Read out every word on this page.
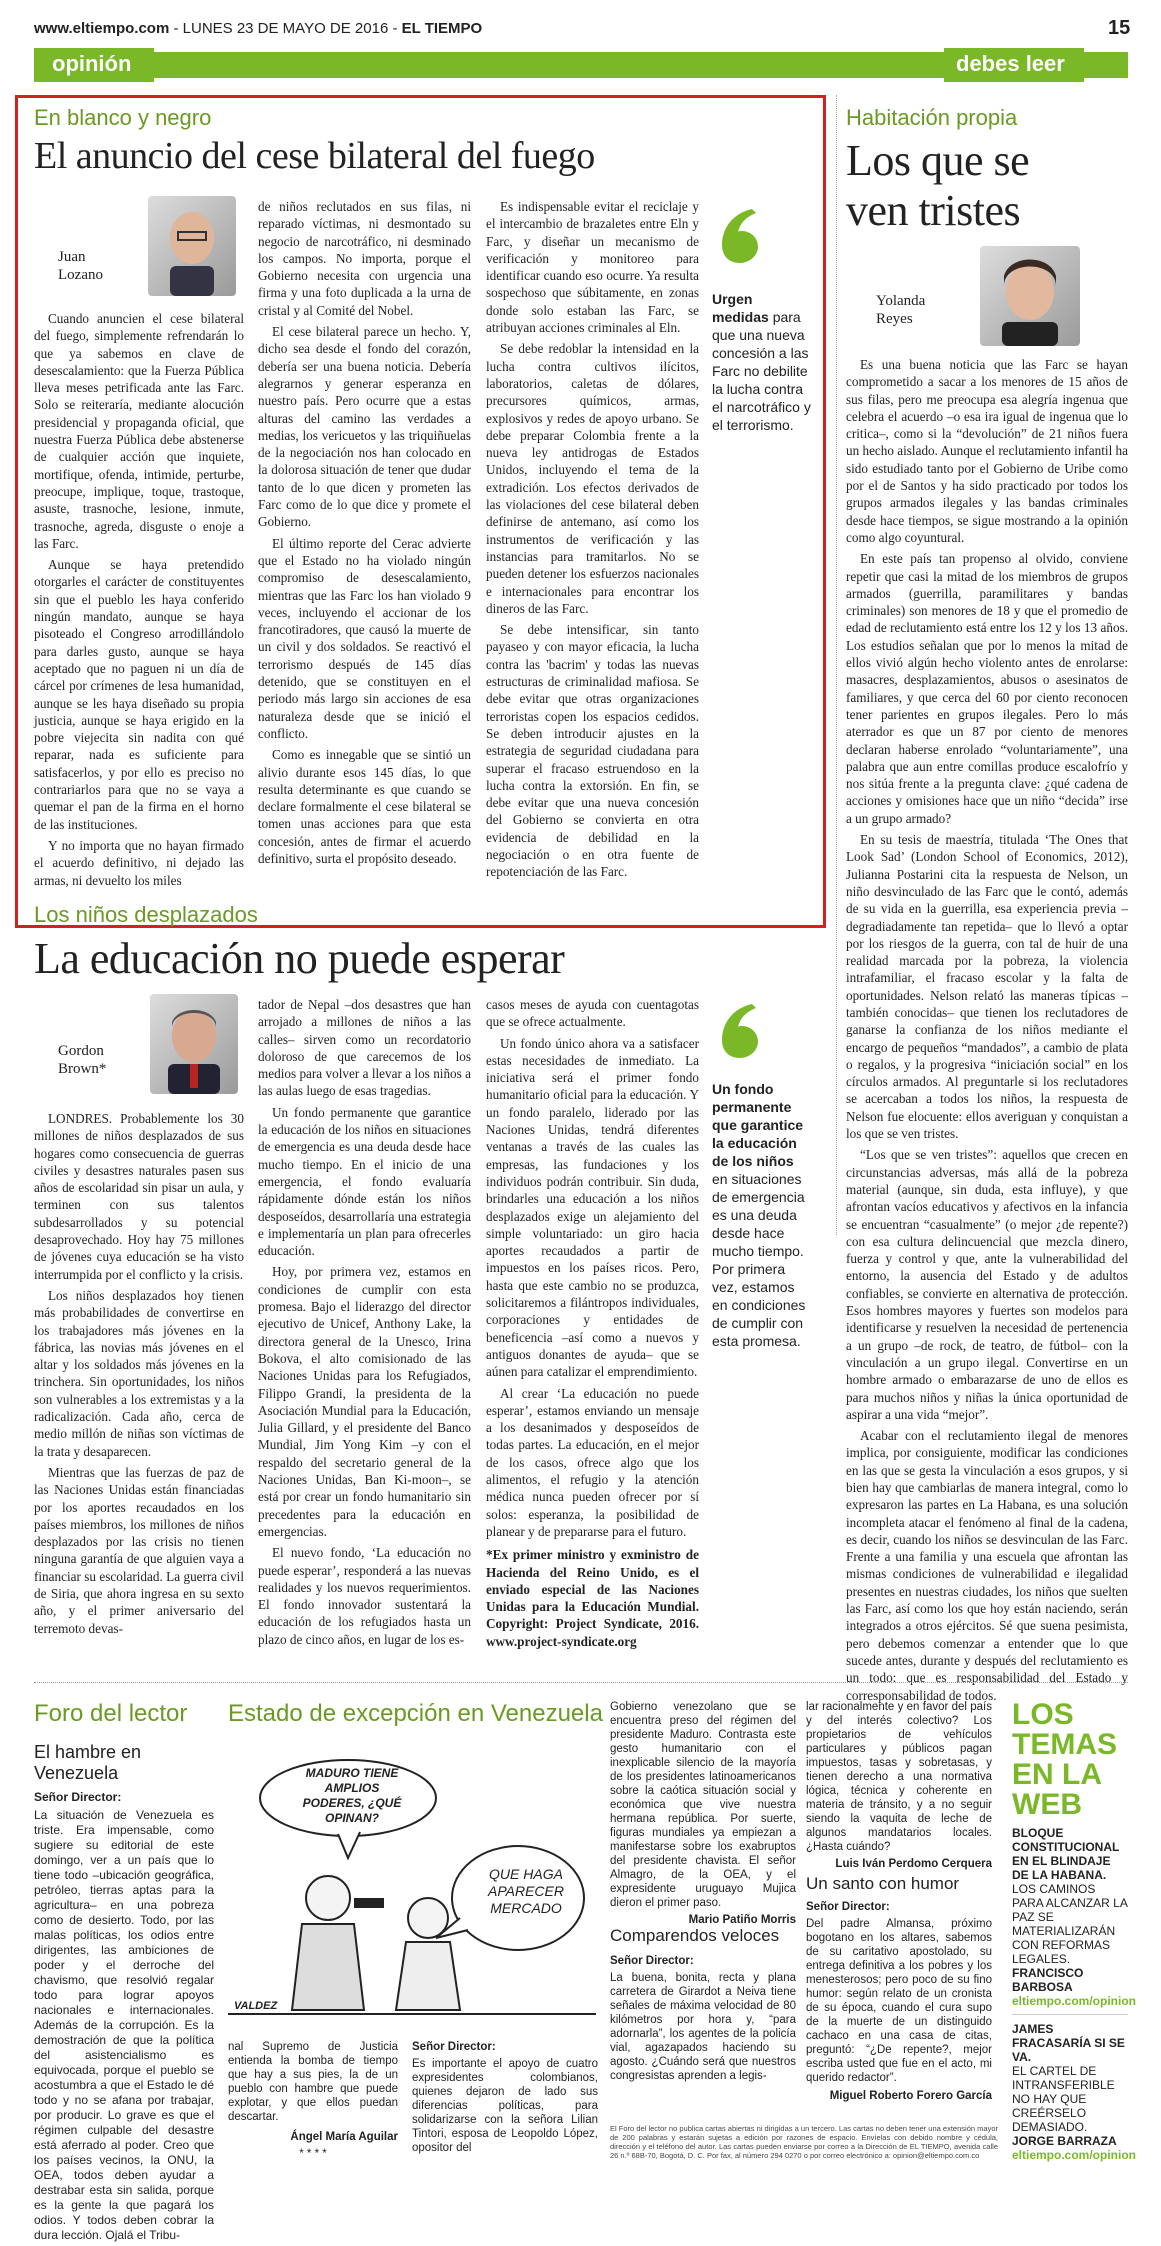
www.eltiempo.com - LUNES 23 DE MAYO DE 2016 - EL TIEMPO	15
opinión	debes leer
En blanco y negro
El anuncio del cese bilateral del fuego
Juan
Lozano

Cuando anuncien el cese bilateral del fuego, simplemente refrendarán lo que ya sabemos en clave de desescalamiento: que la Fuerza Pública lleva meses petrificada ante las Farc. Solo se reiteraría, mediante alocución presidencial y propaganda oficial, que nuestra Fuerza Pública debe abstenerse de cualquier acción que inquiete, mortifique, ofenda, intimide, perturbe, preocupe, implique, toque, trastoque, asuste, trasnoche, lesione, inmute, trasnoche, agreda, disguste o enoje a las Farc.

Aunque se haya pretendido otorgarles el carácter de constituyentes sin que el pueblo les haya conferido ningún mandato, aunque se haya pisoteado el Congreso arrodillándolo para darles gusto, aunque se haya aceptado que no paguen ni un día de cárcel por crímenes de lesa humanidad, aunque se les haya diseñado su propia justicia, aunque se haya erigido en la pobre viejecita sin nadita con qué reparar, nada es suficiente para satisfacerlos, y por ello es preciso no contrariarlos para que no se vaya a quemar el pan de la firma en el horno de las instituciones.

Y no importa que no hayan firmado el acuerdo definitivo, ni dejado las armas, ni devuelto los miles

de niños reclutados en sus filas, ni reparado víctimas, ni desmontado su negocio de narcotráfico, ni desminado los campos. No importa, porque el Gobierno necesita con urgencia una firma y una foto duplicada a la urna de cristal y al Comité del Nobel.

El cese bilateral parece un hecho. Y, dicho sea desde el fondo del corazón, debería ser una buena noticia. Debería alegrarnos y generar esperanza en nuestro país. Pero ocurre que a estas alturas del camino las verdades a medias, los vericuetos y las triquiñuelas de la negociación nos han colocado en la dolorosa situación de tener que dudar tanto de lo que dicen y prometen las Farc como de lo que dice y promete el Gobierno.

El último reporte del Cerac advierte que el Estado no ha violado ningún compromiso de desescalamiento, mientras que las Farc los han violado 9 veces, incluyendo el accionar de los francotiradores, que causó la muerte de un civil y dos soldados. Se reactivó el terrorismo después de 145 días detenido, que se constituyen en el periodo más largo sin acciones de esa naturaleza desde que se inició el conflicto.

Como es innegable que se sintió un alivio durante esos 145 días, lo que resulta determinante es que cuando se declare formalmente el cese bilateral se tomen unas acciones para que esta concesión, antes de firmar el acuerdo definitivo, surta el propósito deseado.

Es indispensable evitar el reciclaje y el intercambio de brazaletes entre Eln y Farc, y diseñar un mecanismo de verificación y monitoreo para identificar cuando eso ocurre. Ya resulta sospechoso que súbitamente, en zonas donde solo estaban las Farc, se atribuyan acciones criminales al Eln.

Se debe redoblar la intensidad en la lucha contra cultivos ilícitos, laboratorios, caletas de dólares, precursores químicos, armas, explosivos y redes de apoyo urbano. Se debe preparar Colombia frente a la nueva ley antidrogas de Estados Unidos, incluyendo el tema de la extradición. Los efectos derivados de las violaciones del cese bilateral deben definirse de antemano, así como los instrumentos de verificación y las instancias para tramitarlos. No se pueden detener los esfuerzos nacionales e internacionales para encontrar los dineros de las Farc.

Se debe intensificar, sin tanto payaseo y con mayor eficacia, la lucha contra las 'bacrim' y todas las nuevas estructuras de criminalidad mafiosa. Se debe evitar que otras organizaciones terroristas copen los espacios cedidos. Se deben introducir ajustes en la estrategia de seguridad ciudadana para superar el fracaso estruendoso en la lucha contra la extorsión. En fin, se debe evitar que una nueva concesión del Gobierno se convierta en otra evidencia de debilidad en la negociación o en otra fuente de repotenciación de las Farc.

Urgen medidas para que una nueva concesión a las Farc no debilite la lucha contra el narcotráfico y el terrorismo.
Habitación propia
Los que se
ven tristes
Yolanda
Reyes

Es una buena noticia que las Farc se hayan comprometido a sacar a los menores de 15 años de sus filas, pero me preocupa esa alegría ingenua que celebra el acuerdo –o esa ira igual de ingenua que lo critica–, como si la “devolución” de 21 niños fuera un hecho aislado. Aunque el reclutamiento infantil ha sido estudiado tanto por el Gobierno de Uribe como por el de Santos y ha sido practicado por todos los grupos armados ilegales y las bandas criminales desde hace tiempos, se sigue mostrando a la opinión como algo coyuntural.

En este país tan propenso al olvido, conviene repetir que casi la mitad de los miembros de grupos armados (guerrilla, paramilitares y bandas criminales) son menores de 18 y que el promedio de edad de reclutamiento está entre los 12 y los 13 años. Los estudios señalan que por lo menos la mitad de ellos vivió algún hecho violento antes de enrolarse: masacres, desplazamientos, abusos o asesinatos de familiares, y que cerca del 60 por ciento reconocen tener parientes en grupos ilegales. Pero lo más aterrador es que un 87 por ciento de menores declaran haberse enrolado “voluntariamente”, una palabra que aun entre comillas produce escalofrío y nos sitúa frente a la pregunta clave: ¿qué cadena de acciones y omisiones hace que un niño “decida” irse a un grupo armado?

En su tesis de maestría, titulada ‘The Ones that Look Sad’ (London School of Economics, 2012), Julianna Postarini cita la respuesta de Nelson, un niño desvinculado de las Farc que le contó, además de su vida en la guerrilla, esa experiencia previa –degradiadamente tan repetida– que lo llevó a optar por los riesgos de la guerra, con tal de huir de una realidad marcada por la pobreza, la violencia intrafamiliar, el fracaso escolar y la falta de oportunidades. Nelson relató las maneras típicas –también conocidas– que tienen los reclutadores de ganarse la confianza de los niños mediante el encargo de pequeños “mandados”, a cambio de plata o regalos, y la progresiva “iniciación social” en los círculos armados. Al preguntarle si los reclutadores se acercaban a todos los niños, la respuesta de Nelson fue elocuente: ellos averiguan y conquistan a los que se ven tristes.

“Los que se ven tristes”: aquellos que crecen en circunstancias adversas, más allá de la pobreza material (aunque, sin duda, esta influye), y que afrontan vacíos educativos y afectivos en la infancia se encuentran “casualmente” (o mejor ¿de repente?) con esa cultura delincuencial que mezcla dinero, fuerza y control y que, ante la vulnerabilidad del entorno, la ausencia del Estado y de adultos confiables, se convierte en alternativa de protección. Esos hombres mayores y fuertes son modelos para identificarse y resuelven la necesidad de pertenencia a un grupo –de rock, de teatro, de fútbol– con la vinculación a un grupo ilegal. Convertirse en un hombre armado o embarazarse de uno de ellos es para muchos niños y niñas la única oportunidad de aspirar a una vida “mejor”.

Acabar con el reclutamiento ilegal de menores implica, por consiguiente, modificar las condiciones en las que se gesta la vinculación a esos grupos, y si bien hay que cambiarlas de manera integral, como lo expresaron las partes en La Habana, es una solución incompleta atacar el fenómeno al final de la cadena, es decir, cuando los niños se desvinculan de las Farc. Frente a una familia y una escuela que afrontan las mismas condiciones de vulnerabilidad e ilegalidad presentes en nuestras ciudades, los niños que suelten las Farc, así como los que hoy están naciendo, serán integrados a otros ejércitos. Sé que suena pesimista, pero debemos comenzar a entender que lo que sucede antes, durante y después del reclutamiento es un todo: que es responsabilidad del Estado y corresponsabilidad de todos.

Los niños desplazados
La educación no puede esperar
Gordon
Brown*

LONDRES. Probablemente los 30 millones de niños desplazados de sus hogares como consecuencia de guerras civiles y desastres naturales pasen sus años de escolaridad sin pisar un aula, y terminen con sus talentos subdesarrollados y su potencial desaprovechado. Hoy hay 75 millones de jóvenes cuya educación se ha visto interrumpida por el conflicto y la crisis.

Los niños desplazados hoy tienen más probabilidades de convertirse en los trabajadores más jóvenes en la fábrica, las novias más jóvenes en el altar y los soldados más jóvenes en la trinchera. Sin oportunidades, los niños son vulnerables a los extremistas y a la radicalización. Cada año, cerca de medio millón de niñas son víctimas de la trata y desaparecen.

Mientras que las fuerzas de paz de las Naciones Unidas están financiadas por los aportes recaudados en los países miembros, los millones de niños desplazados por las crisis no tienen ninguna garantía de que alguien vaya a financiar su escolaridad. La guerra civil de Siria, que ahora ingresa en su sexto año, y el primer aniversario del terremoto devas-

tador de Nepal –dos desastres que han arrojado a millones de niños a las calles– sirven como un recordatorio doloroso de que carecemos de los medios para volver a llevar a los niños a las aulas luego de esas tragedias.

Un fondo permanente que garantice la educación de los niños en situaciones de emergencia es una deuda desde hace mucho tiempo. En el inicio de una emergencia, el fondo evaluaría rápidamente dónde están los niños desposeídos, desarrollaría una estrategia e implementaría un plan para ofrecerles educación.

Hoy, por primera vez, estamos en condiciones de cumplir con esta promesa. Bajo el liderazgo del director ejecutivo de Unicef, Anthony Lake, la directora general de la Unesco, Irina Bokova, el alto comisionado de las Naciones Unidas para los Refugiados, Filippo Grandi, la presidenta de la Asociación Mundial para la Educación, Julia Gillard, y el presidente del Banco Mundial, Jim Yong Kim –y con el respaldo del secretario general de la Naciones Unidas, Ban Ki-moon–, se está por crear un fondo humanitario sin precedentes para la educación en emergencias.

El nuevo fondo, ‘La educación no puede esperar’, responderá a las nuevas realidades y los nuevos requerimientos. El fondo innovador sustentará la educación de los refugiados hasta un plazo de cinco años, en lugar de los es-

casos meses de ayuda con cuentagotas que se ofrece actualmente.

Un fondo único ahora va a satisfacer estas necesidades de inmediato. La iniciativa será el primer fondo humanitario oficial para la educación. Y un fondo paralelo, liderado por las Naciones Unidas, tendrá diferentes ventanas a través de las cuales las empresas, las fundaciones y los individuos podrán contribuir. Sin duda, brindarles una educación a los niños desplazados exige un alejamiento del simple voluntariado: un giro hacia aportes recaudados a partir de impuestos en los países ricos. Pero, hasta que este cambio no se produzca, solicitaremos a filántropos individuales, corporaciones y entidades de beneficencia –así como a nuevos y antiguos donantes de ayuda– que se aúnen para catalizar el emprendimiento.

Al crear ‘La educación no puede esperar’, estamos enviando un mensaje a los desanimados y desposeídos de todas partes. La educación, en el mejor de los casos, ofrece algo que los alimentos, el refugio y la atención médica nunca pueden ofrecer por sí solos: esperanza, la posibilidad de planear y de prepararse para el futuro.

*Ex primer ministro y exministro de Hacienda del Reino Unido, es el enviado especial de las Naciones Unidas para la Educación Mundial. Copyright: Project Syndicate, 2016. www.project-syndicate.org

Un fondo permanente que garantice la educación de los niños en situaciones de emergencia es una deuda desde hace mucho tiempo. Por primera vez, estamos en condiciones de cumplir con esta promesa.
Foro del lector
El hambre en Venezuela

Señor Director:

La situación de Venezuela es triste. Era impensable, como sugiere su editorial de este domingo, ver a un país que lo tiene todo –ubicación geográfica, petróleo, tierras aptas para la agricultura– en una pobreza como de desierto. Todo, por las malas políticas, los odios entre dirigentes, las ambiciones de poder y el derroche del chavismo, que resolvió regalar todo para lograr apoyos nacionales e internacionales. Además de la corrupción. Es la demostración de que la política del asistencialismo es equivocada, porque el pueblo se acostumbra a que el Estado le dé todo y no se afana por trabajar, por producir. Lo grave es que el régimen culpable del desastre está aferrado al poder. Creo que los países vecinos, la ONU, la OEA, todos deben ayudar a destrabar esta sin salida, porque es la gente la que pagará los odios. Y todos deben cobrar la dura lección. Ojalá el Tribu-

Estado de excepción en Venezuela
MADURO TIENE AMPLIOS PODERES, ¿QUÉ OPINAN?
QUE HAGA APARECER MERCADO
VALDEZ

nal Supremo de Justicia entienda la bomba de tiempo que hay a sus pies, la de un pueblo con hambre que puede explotar, y que ellos puedan descartar.

Ángel María Aguilar

* * * *

Señor Director:

Es importante el apoyo de cuatro expresidentes colombianos, quienes dejaron de lado sus diferencias políticas, para solidarizarse con la señora Lilian Tintori, esposa de Leopoldo López, opositor del

Gobierno venezolano que se encuentra preso del régimen del presidente Maduro. Contrasta este gesto humanitario con el inexplicable silencio de la mayoría de los presidentes latinoamericanos sobre la caótica situación social y económica que vive nuestra hermana república. Por suerte, figuras mundiales ya empiezan a manifestarse sobre los exabruptos del presidente chavista. El señor Almagro, de la OEA, y el expresidente uruguayo Mujica dieron el primer paso.

Mario Patiño Morris

Comparendos veloces

Señor Director:

La buena, bonita, recta y plana carretera de Girardot a Neiva tiene señales de máxima velocidad de 80 kilómetros por hora y, “para adornarla”, los agentes de la policía vial, agazapados haciendo su agosto. ¿Cuándo será que nuestros congresistas aprenden a legis-

lar racionalmente y en favor del país y del interés colectivo? Los propietarios de vehículos particulares y públicos pagan impuestos, tasas y sobretasas, y tienen derecho a una normativa lógica, técnica y coherente en materia de tránsito, y a no seguir siendo la vaquita de leche de algunos mandatarios locales. ¿Hasta cuándo?

Luis Iván Perdomo Cerquera

Un santo con humor

Señor Director:

Del padre Almansa, próximo bogotano en los altares, sabemos de su caritativo apostolado, su entrega definitiva a los pobres y los menesterosos; pero poco de su fino humor: según relato de un cronista de su época, cuando el cura supo de la muerte de un distinguido cachaco en una casa de citas, preguntó: “¿De repente?, mejor escriba usted que fue en el acto, mi querido redactor”.

Miguel Roberto Forero García

El Foro del lector no publica cartas abiertas ni dirigidas a un tercero. Las cartas no deben tener una extensión mayor de 200 palabras y estarán sujetas a edición por razones de espacio. Envíelas con debido nombre y cédula, dirección y el teléfono del autor. Las cartas pueden enviarse por correo a la Dirección de EL TIEMPO, avenida calle 26 n.º 68B-70, Bogotá, D. C. Por fax, al número 294 0270 o por correo electrónico a: opinion@eltiempo.com.co
LOS
TEMAS
EN LA
WEB
BLOQUE CONSTITUCIONAL EN EL BLINDAJE DE LA HABANA.
LOS CAMINOS PARA ALCANZAR LA PAZ SE MATERIALIZARÁN CON REFORMAS LEGALES.
FRANCISCO BARBOSA
eltiempo.com/opinion
JAMES FRACASARÍA SI SE VA.
EL CARTEL DE INTRANSFERIBLE NO HAY QUE CREÉRSELO DEMASIADO.
JORGE BARRAZA
eltiempo.com/opinion
